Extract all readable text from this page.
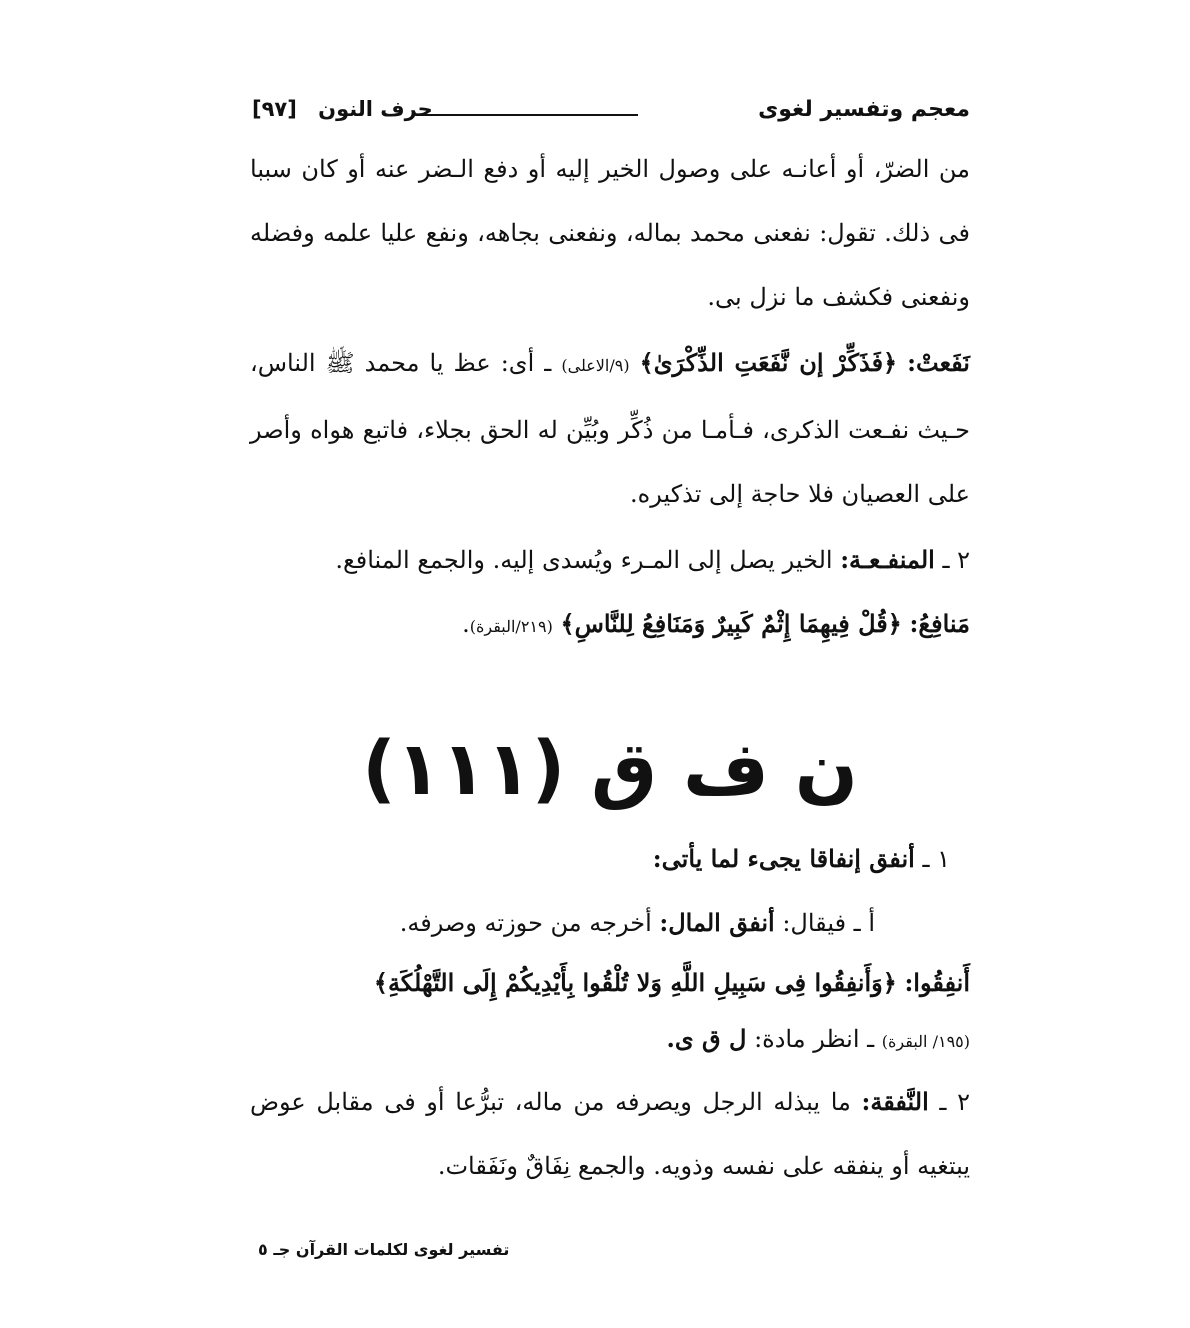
[٩٧] حرف النون	معجم وتفسير لغوى

من الضرّ، أو أعانـه على وصول الخير إليه أو دفع الـضر عنه أو كان سببا فى ذلك. تقول: نفعنى محمد بماله، ونفعنى بجاهه، ونفع عليا علمه وفضله ونفعنى فكشف ما نزل بى.

نَفَعتْ: ﴿فَذَكِّرْ إن نَّفَعَتِ الذِّكْرَىٰ﴾ (٩/الاعلى) ـ أى: عظ يا محمد ﷺ الناس، حـيث نفـعت الذكرى، فـأمـا من ذُكِّر وبُيِّن له الحق بجلاء، فاتبع هواه وأصر على العصيان فلا حاجة إلى تذكيره.

٢ ـ المنفـعـة: الخير يصل إلى المـرء ويُسدى إليه. والجمع المنافع.

مَنافِعُ: ﴿قُلْ فِيهِمَا إِثْمٌ كَبِيرٌ وَمَنَافِعُ لِلنَّاسِ﴾ (٢١٩/البقرة).

ن ف ق (١١١)

١ ـ أنفق إنفاقا يجىء لما يأتى:

أ ـ فيقال: أنفق المال: أخرجه من حوزته وصرفه.

أَنفِقُوا: ﴿وَأَنفِقُوا فِى سَبِيلِ اللَّهِ وَلا تُلْقُوا بِأَيْدِيكُمْ إِلَى التَّهْلُكَةِ﴾
(١٩٥/ البقرة) ـ انظر مادة: ل ق ى.

٢ ـ النَّفقة: ما يبذله الرجل ويصرفه من ماله، تبرُّعا أو فى مقابل عوض يبتغيه أو ينفقه على نفسه وذويه. والجمع نِفَاقٌ ونَفَقات.

تفسير لغوى لكلمات القرآن جـ ٥
